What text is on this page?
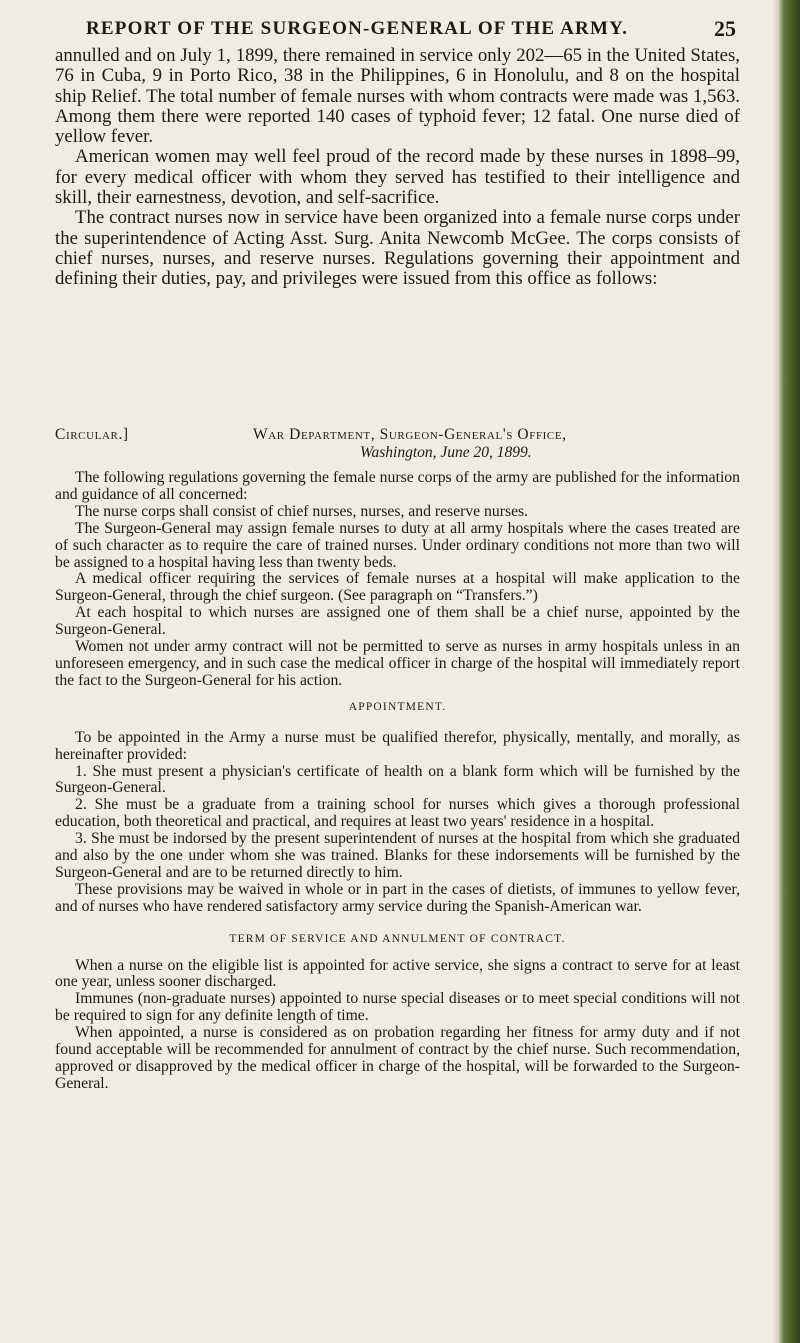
REPORT OF THE SURGEON-GENERAL OF THE ARMY.	25

annulled and on July 1, 1899, there remained in service only 202—65 in the United States, 76 in Cuba, 9 in Porto Rico, 38 in the Philippines, 6 in Honolulu, and 8 on the hospital ship Relief. The total number of female nurses with whom contracts were made was 1,563. Among them there were reported 140 cases of typhoid fever; 12 fatal. One nurse died of yellow fever.

American women may well feel proud of the record made by these nurses in 1898–99, for every medical officer with whom they served has testified to their intelligence and skill, their earnestness, devotion, and self-sacrifice.

The contract nurses now in service have been organized into a female nurse corps under the superintendence of Acting Asst. Surg. Anita Newcomb McGee. The corps consists of chief nurses, nurses, and reserve nurses. Regulations governing their appointment and defining their duties, pay, and privileges were issued from this office as follows:

Circular.]	War Department, Surgeon-General's Office,
Washington, June 20, 1899.

The following regulations governing the female nurse corps of the army are published for the information and guidance of all concerned:

The nurse corps shall consist of chief nurses, nurses, and reserve nurses.

The Surgeon-General may assign female nurses to duty at all army hospitals where the cases treated are of such character as to require the care of trained nurses. Under ordinary conditions not more than two will be assigned to a hospital having less than twenty beds.

A medical officer requiring the services of female nurses at a hospital will make application to the Surgeon-General, through the chief surgeon. (See paragraph on “Transfers.”)

At each hospital to which nurses are assigned one of them shall be a chief nurse, appointed by the Surgeon-General.

Women not under army contract will not be permitted to serve as nurses in army hospitals unless in an unforeseen emergency, and in such case the medical officer in charge of the hospital will immediately report the fact to the Surgeon-General for his action.

APPOINTMENT.

To be appointed in the Army a nurse must be qualified therefor, physically, mentally, and morally, as hereinafter provided:

1. She must present a physician's certificate of health on a blank form which will be furnished by the Surgeon-General.

2. She must be a graduate from a training school for nurses which gives a thorough professional education, both theoretical and practical, and requires at least two years' residence in a hospital.

3. She must be indorsed by the present superintendent of nurses at the hospital from which she graduated and also by the one under whom she was trained. Blanks for these indorsements will be furnished by the Surgeon-General and are to be returned directly to him.

These provisions may be waived in whole or in part in the cases of dietists, of immunes to yellow fever, and of nurses who have rendered satisfactory army service during the Spanish-American war.

TERM OF SERVICE AND ANNULMENT OF CONTRACT.

When a nurse on the eligible list is appointed for active service, she signs a contract to serve for at least one year, unless sooner discharged.

Immunes (non-graduate nurses) appointed to nurse special diseases or to meet special conditions will not be required to sign for any definite length of time.

When appointed, a nurse is considered as on probation regarding her fitness for army duty and if not found acceptable will be recommended for annulment of contract by the chief nurse. Such recommendation, approved or disapproved by the medical officer in charge of the hospital, will be forwarded to the Surgeon-General.
